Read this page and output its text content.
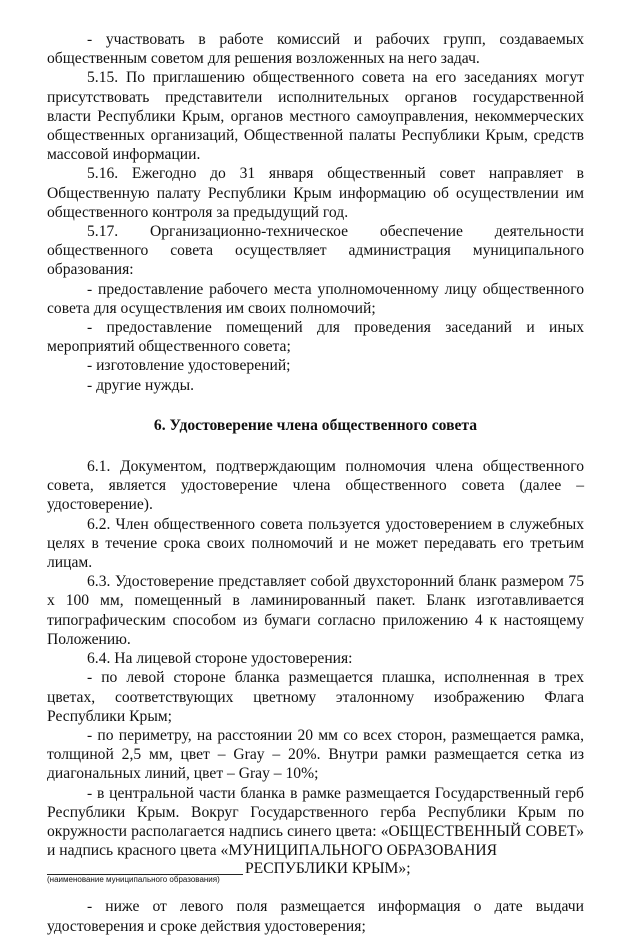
- участвовать в работе комиссий и рабочих групп, создаваемых общественным советом для решения возложенных на него задач.

5.15. По приглашению общественного совета на его заседаниях могут присутствовать представители исполнительных органов государственной власти Республики Крым, органов местного самоуправления, некоммерческих общественных организаций, Общественной палаты Республики Крым, средств массовой информации.

5.16. Ежегодно до 31 января общественный совет направляет в Общественную палату Республики Крым информацию об осуществлении им общественного контроля за предыдущий год.

5.17. Организационно-техническое обеспечение деятельности общественного совета осуществляет администрация муниципального образования:

- предоставление рабочего места уполномоченному лицу общественного совета для осуществления им своих полномочий;

- предоставление помещений для проведения заседаний и иных мероприятий общественного совета;

- изготовление удостоверений;

- другие нужды.

6. Удостоверение члена общественного совета

6.1. Документом, подтверждающим полномочия члена общественного совета, является удостоверение члена общественного совета (далее – удостоверение).

6.2. Член общественного совета пользуется удостоверением в служебных целях в течение срока своих полномочий и не может передавать его третьим лицам.

6.3. Удостоверение представляет собой двухсторонний бланк размером 75 х 100 мм, помещенный в ламинированный пакет. Бланк изготавливается типографическим способом из бумаги согласно приложению 4 к настоящему Положению.

6.4. На лицевой стороне удостоверения:

- по левой стороне бланка размещается плашка, исполненная в трех цветах, соответствующих цветному эталонному изображению Флага Республики Крым;

- по периметру, на расстоянии 20 мм со всех сторон, размещается рамка, толщиной 2,5 мм, цвет – Gray – 20%. Внутри рамки размещается сетка из диагональных линий, цвет – Gray – 10%;

- в центральной части бланка в рамке размещается Государственный герб Республики Крым. Вокруг Государственного герба Республики Крым по окружности располагается надпись синего цвета: «ОБЩЕСТВЕННЫЙ СОВЕТ» и надпись красного цвета «МУНИЦИПАЛЬНОГО ОБРАЗОВАНИЯ

(наименование муниципального образования)
РЕСПУБЛИКИ КРЫМ»;

- ниже от левого поля размещается информация о дате выдачи удостоверения и сроке действия удостоверения;
